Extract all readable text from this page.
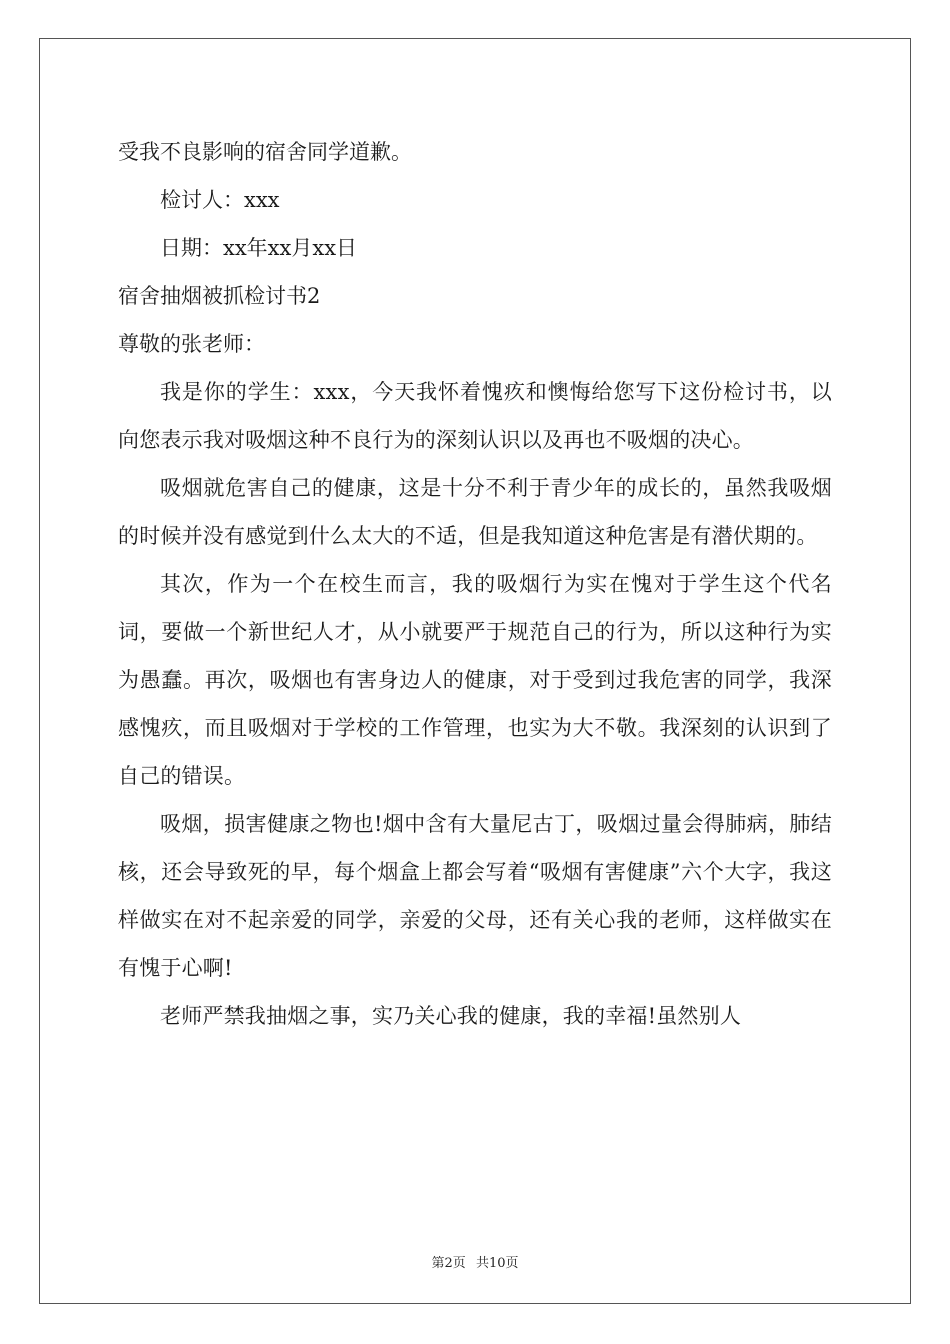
受我不良影响的宿舍同学道歉。

检讨人：xxx

日期：xx年xx月xx日

宿舍抽烟被抓检讨书2

尊敬的张老师：

我是你的学生：xxx，今天我怀着愧疚和懊悔给您写下这份检讨书，以向您表示我对吸烟这种不良行为的深刻认识以及再也不吸烟的决心。

吸烟就危害自己的健康，这是十分不利于青少年的成长的，虽然我吸烟的时候并没有感觉到什么太大的不适，但是我知道这种危害是有潜伏期的。

其次，作为一个在校生而言，我的吸烟行为实在愧对于学生这个代名词，要做一个新世纪人才，从小就要严于规范自己的行为，所以这种行为实为愚蠢。再次，吸烟也有害身边人的健康，对于受到过我危害的同学，我深感愧疚，而且吸烟对于学校的工作管理，也实为大不敬。我深刻的认识到了自己的错误。

吸烟，损害健康之物也!烟中含有大量尼古丁，吸烟过量会得肺病，肺结核，还会导致死的早，每个烟盒上都会写着“吸烟有害健康”六个大字，我这样做实在对不起亲爱的同学，亲爱的父母，还有关心我的老师，这样做实在有愧于心啊!

老师严禁我抽烟之事，实乃关心我的健康，我的幸福!虽然别人

第2页 共10页
